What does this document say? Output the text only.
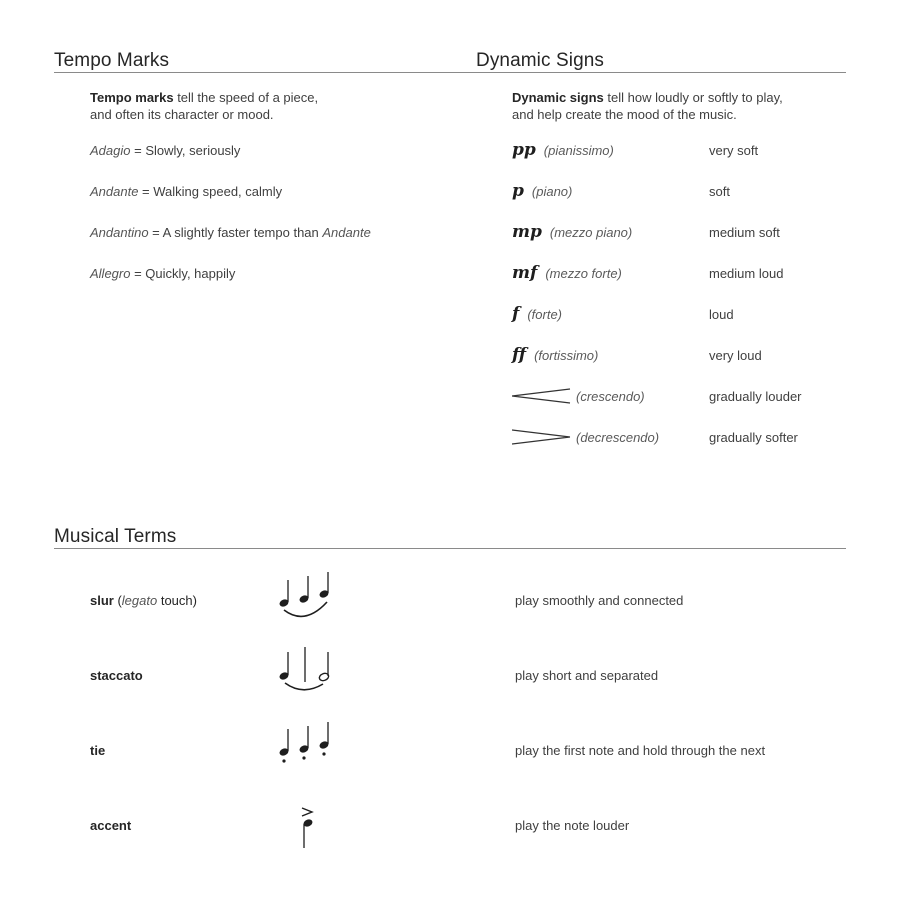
Tempo Marks
Tempo marks tell the speed of a piece,
and often its character or mood.
Adagio = Slowly, seriously
Andante = Walking speed, calmly
Andantino = A slightly faster tempo than Andante
Allegro = Quickly, happily
Dynamic Signs
Dynamic signs tell how loudly or softly to play,
and help create the mood of the music.
pp (pianissimo)	very soft
p (piano)	soft
mp (mezzo piano)	medium soft
mf (mezzo forte)	medium loud
f (forte)	loud
ff (fortissimo)	very loud
(crescendo)	gradually louder
(decrescendo)	gradually softer
Musical Terms
slur (legato touch)	play smoothly and connected
staccato	play short and separated
tie	play the first note and hold through the next
accent	play the note louder
